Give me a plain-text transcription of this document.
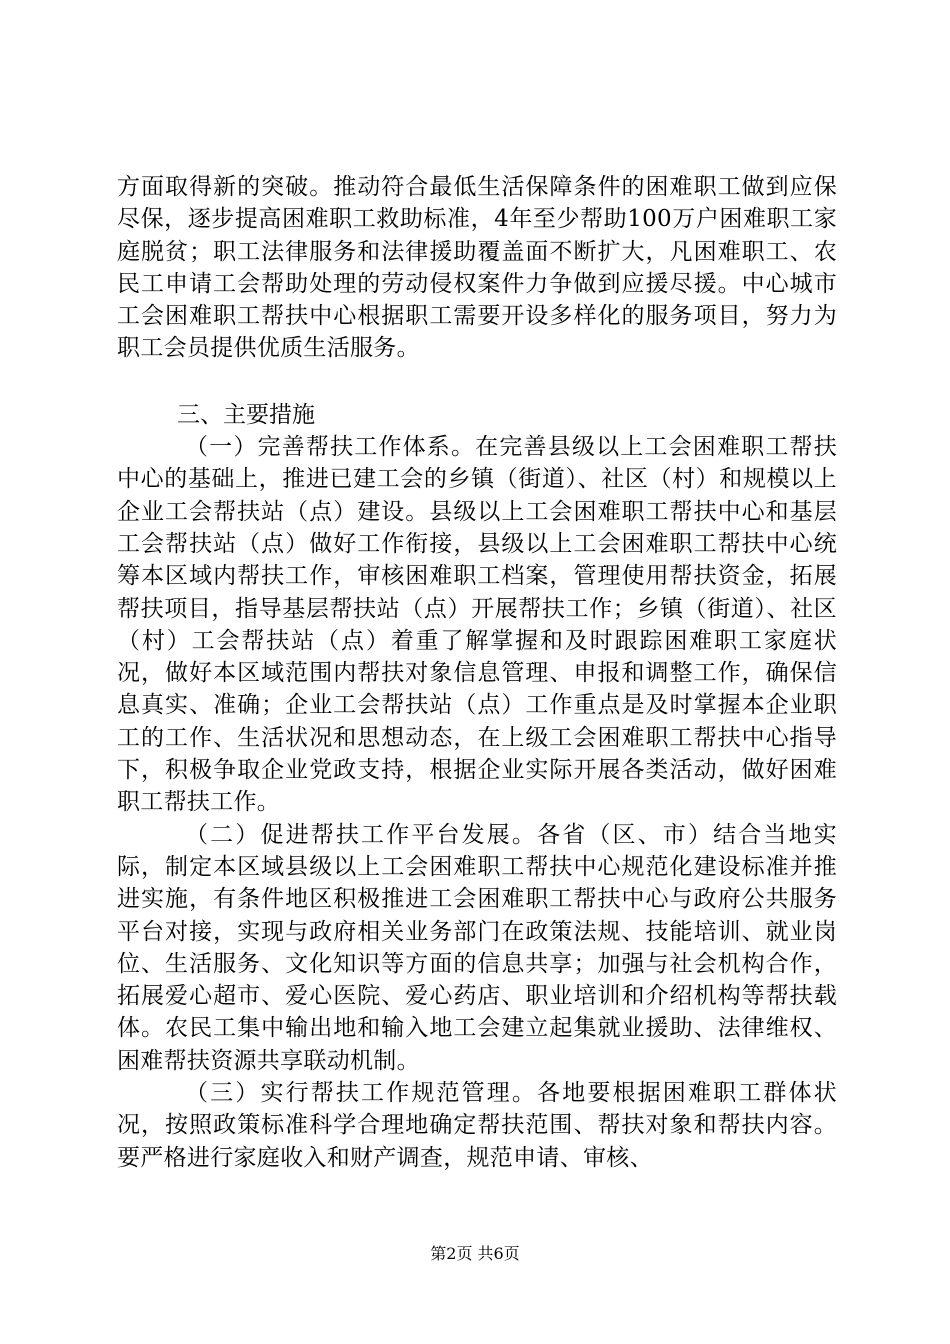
方面取得新的突破。推动符合最低生活保障条件的困难职工做到应保尽保，逐步提高困难职工救助标准，4年至少帮助100万户困难职工家庭脱贫；职工法律服务和法律援助覆盖面不断扩大，凡困难职工、农民工申请工会帮助处理的劳动侵权案件力争做到应援尽援。中心城市工会困难职工帮扶中心根据职工需要开设多样化的服务项目，努力为职工会员提供优质生活服务。

三、主要措施

（一）完善帮扶工作体系。在完善县级以上工会困难职工帮扶中心的基础上，推进已建工会的乡镇（街道）、社区（村）和规模以上企业工会帮扶站（点）建设。县级以上工会困难职工帮扶中心和基层工会帮扶站（点）做好工作衔接，县级以上工会困难职工帮扶中心统筹本区域内帮扶工作，审核困难职工档案，管理使用帮扶资金，拓展帮扶项目，指导基层帮扶站（点）开展帮扶工作；乡镇（街道）、社区（村）工会帮扶站（点）着重了解掌握和及时跟踪困难职工家庭状况，做好本区域范围内帮扶对象信息管理、申报和调整工作，确保信息真实、准确；企业工会帮扶站（点）工作重点是及时掌握本企业职工的工作、生活状况和思想动态，在上级工会困难职工帮扶中心指导下，积极争取企业党政支持，根据企业实际开展各类活动，做好困难职工帮扶工作。

（二）促进帮扶工作平台发展。各省（区、市）结合当地实际，制定本区域县级以上工会困难职工帮扶中心规范化建设标准并推进实施，有条件地区积极推进工会困难职工帮扶中心与政府公共服务平台对接，实现与政府相关业务部门在政策法规、技能培训、就业岗位、生活服务、文化知识等方面的信息共享；加强与社会机构合作，拓展爱心超市、爱心医院、爱心药店、职业培训和介绍机构等帮扶载体。农民工集中输出地和输入地工会建立起集就业援助、法律维权、困难帮扶资源共享联动机制。

（三）实行帮扶工作规范管理。各地要根据困难职工群体状况，按照政策标准科学合理地确定帮扶范围、帮扶对象和帮扶内容。要严格进行家庭收入和财产调查，规范申请、审核、

第2页 共6页
